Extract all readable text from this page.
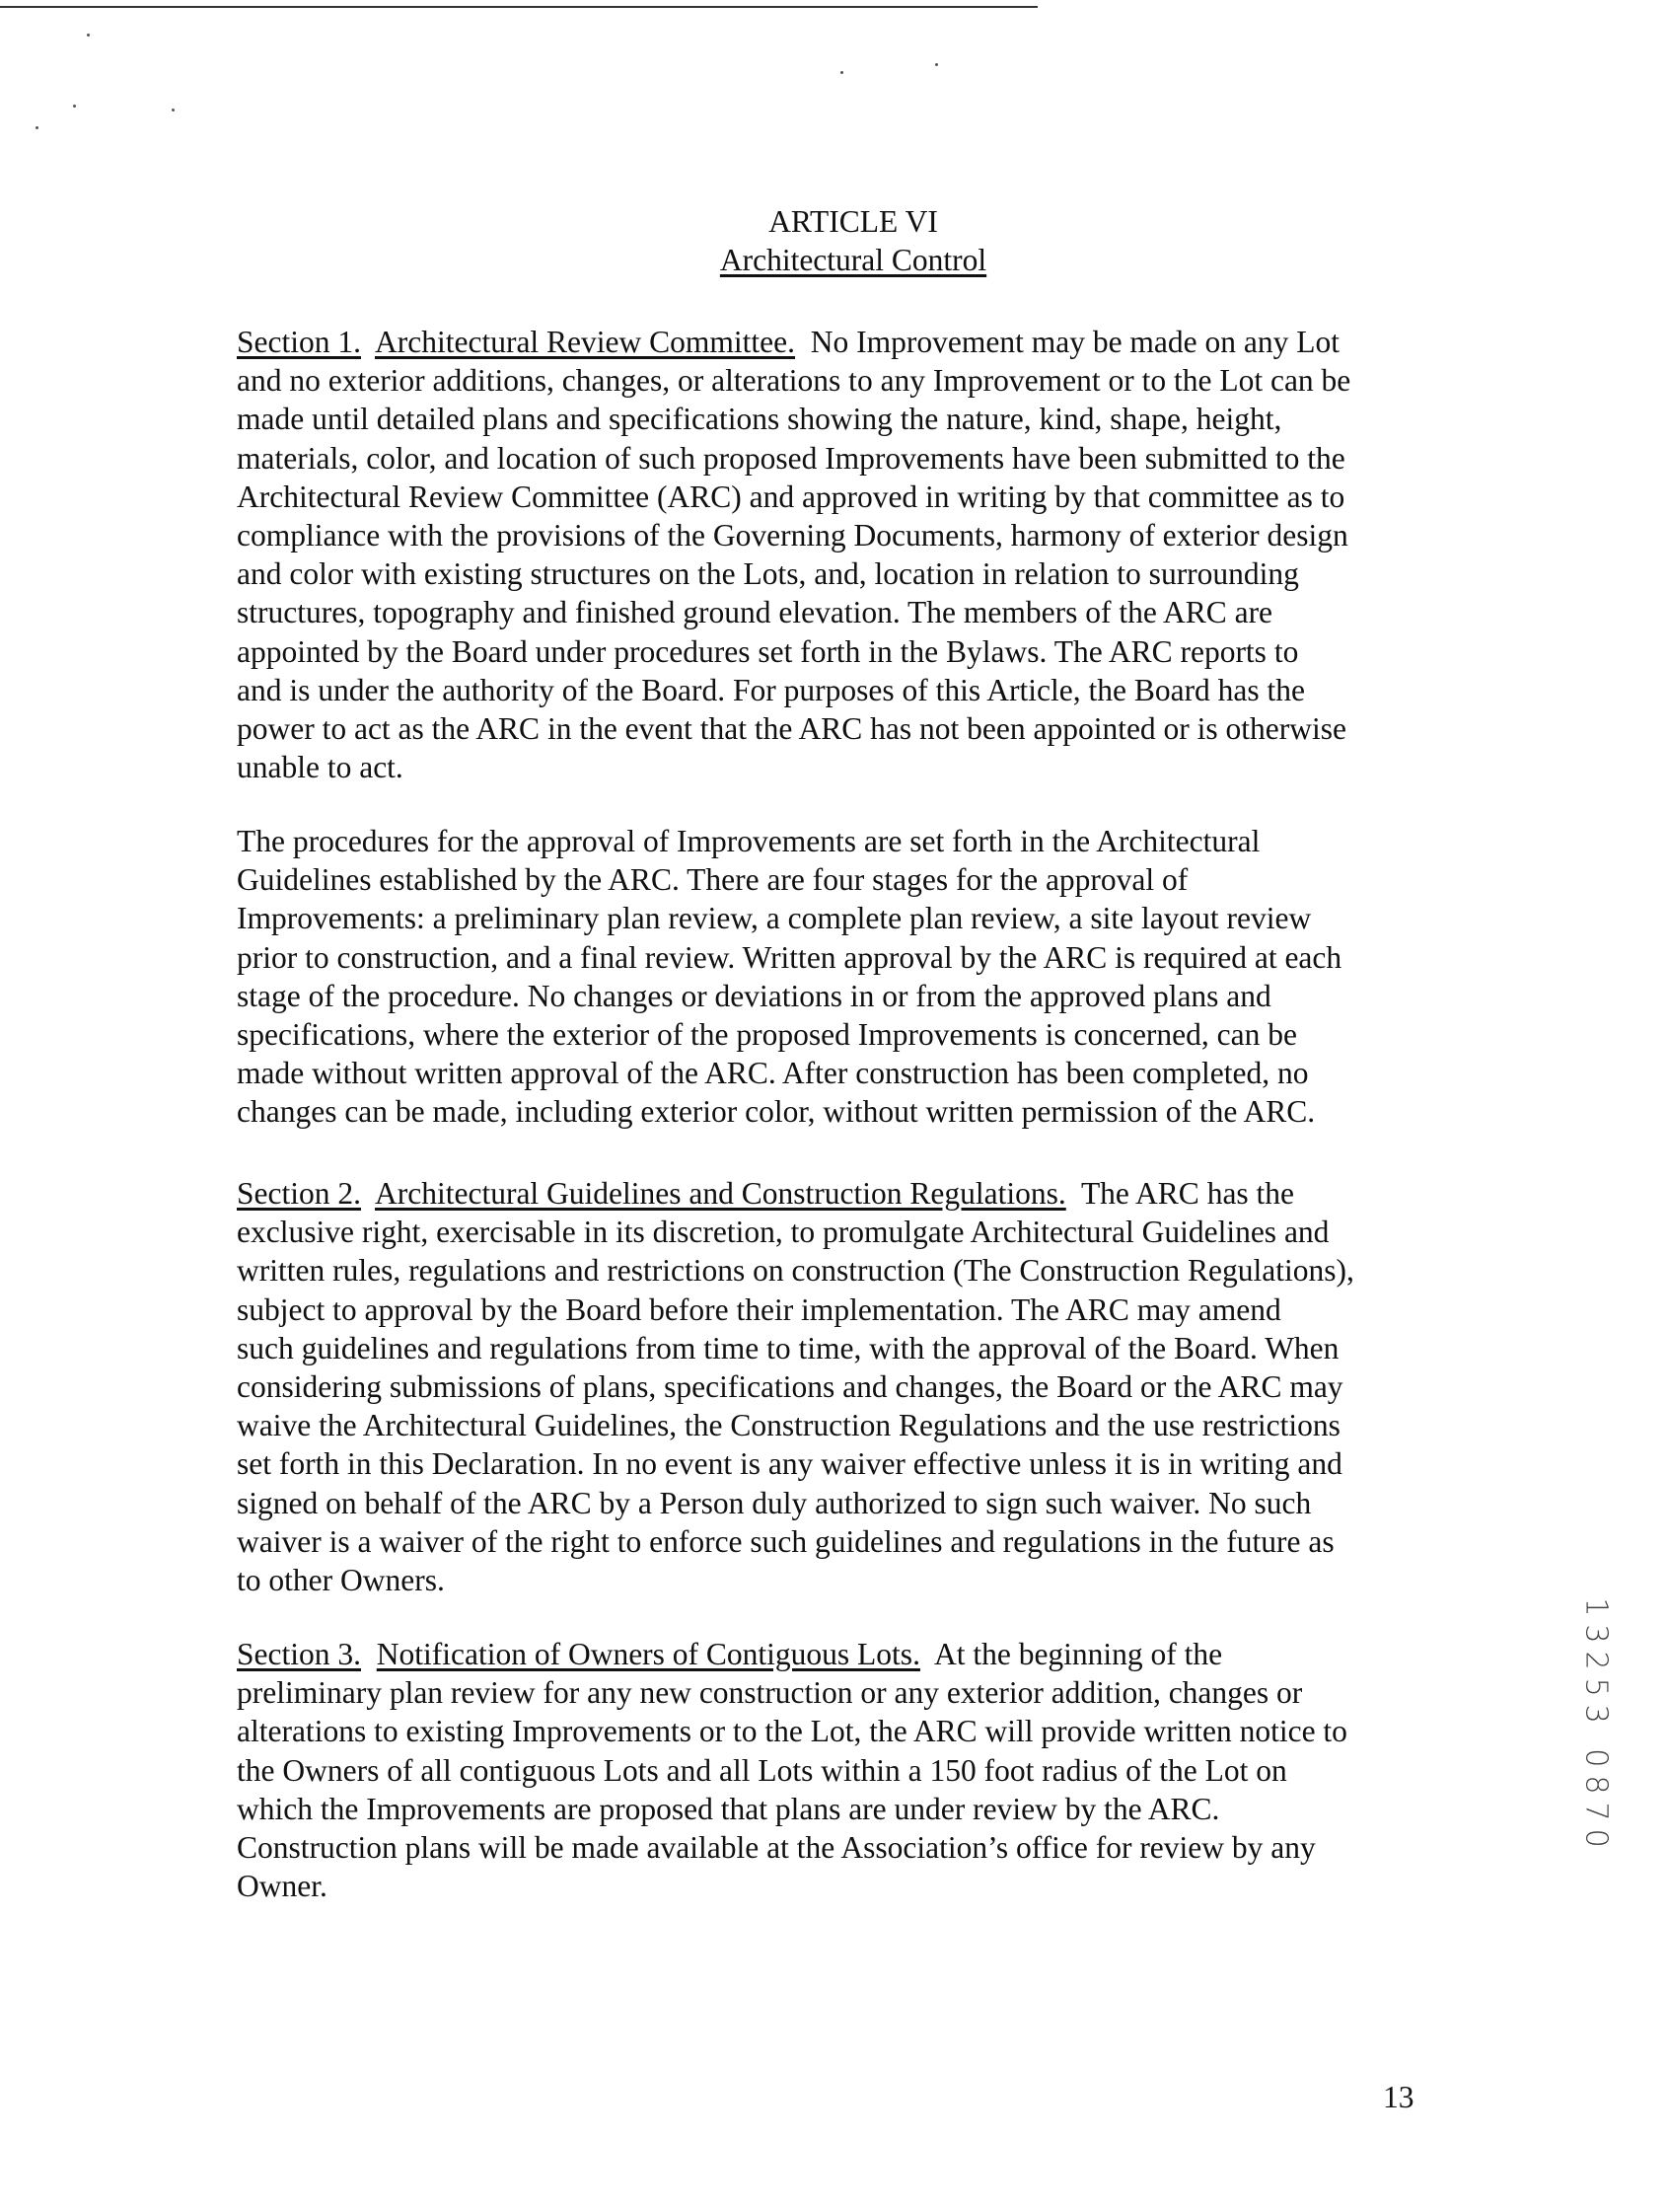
ARTICLE VI
Architectural Control
Section 1. Architectural Review Committee. No Improvement may be made on any Lot
and no exterior additions, changes, or alterations to any Improvement or to the Lot can be
made until detailed plans and specifications showing the nature, kind, shape, height,
materials, color, and location of such proposed Improvements have been submitted to the
Architectural Review Committee (ARC) and approved in writing by that committee as to
compliance with the provisions of the Governing Documents, harmony of exterior design
and color with existing structures on the Lots, and, location in relation to surrounding
structures, topography and finished ground elevation. The members of the ARC are
appointed by the Board under procedures set forth in the Bylaws. The ARC reports to
and is under the authority of the Board. For purposes of this Article, the Board has the
power to act as the ARC in the event that the ARC has not been appointed or is otherwise
unable to act.
The procedures for the approval of Improvements are set forth in the Architectural
Guidelines established by the ARC. There are four stages for the approval of
Improvements: a preliminary plan review, a complete plan review, a site layout review
prior to construction, and a final review. Written approval by the ARC is required at each
stage of the procedure. No changes or deviations in or from the approved plans and
specifications, where the exterior of the proposed Improvements is concerned, can be
made without written approval of the ARC. After construction has been completed, no
changes can be made, including exterior color, without written permission of the ARC.
Section 2. Architectural Guidelines and Construction Regulations. The ARC has the
exclusive right, exercisable in its discretion, to promulgate Architectural Guidelines and
written rules, regulations and restrictions on construction (The Construction Regulations),
subject to approval by the Board before their implementation. The ARC may amend
such guidelines and regulations from time to time, with the approval of the Board. When
considering submissions of plans, specifications and changes, the Board or the ARC may
waive the Architectural Guidelines, the Construction Regulations and the use restrictions
set forth in this Declaration. In no event is any waiver effective unless it is in writing and
signed on behalf of the ARC by a Person duly authorized to sign such waiver. No such
waiver is a waiver of the right to enforce such guidelines and regulations in the future as
to other Owners.
Section 3. Notification of Owners of Contiguous Lots. At the beginning of the
preliminary plan review for any new construction or any exterior addition, changes or
alterations to existing Improvements or to the Lot, the ARC will provide written notice to
the Owners of all contiguous Lots and all Lots within a 150 foot radius of the Lot on
which the Improvements are proposed that plans are under review by the ARC.
Construction plans will be made available at the Association’s office for review by any
Owner.
13253 0870
13
